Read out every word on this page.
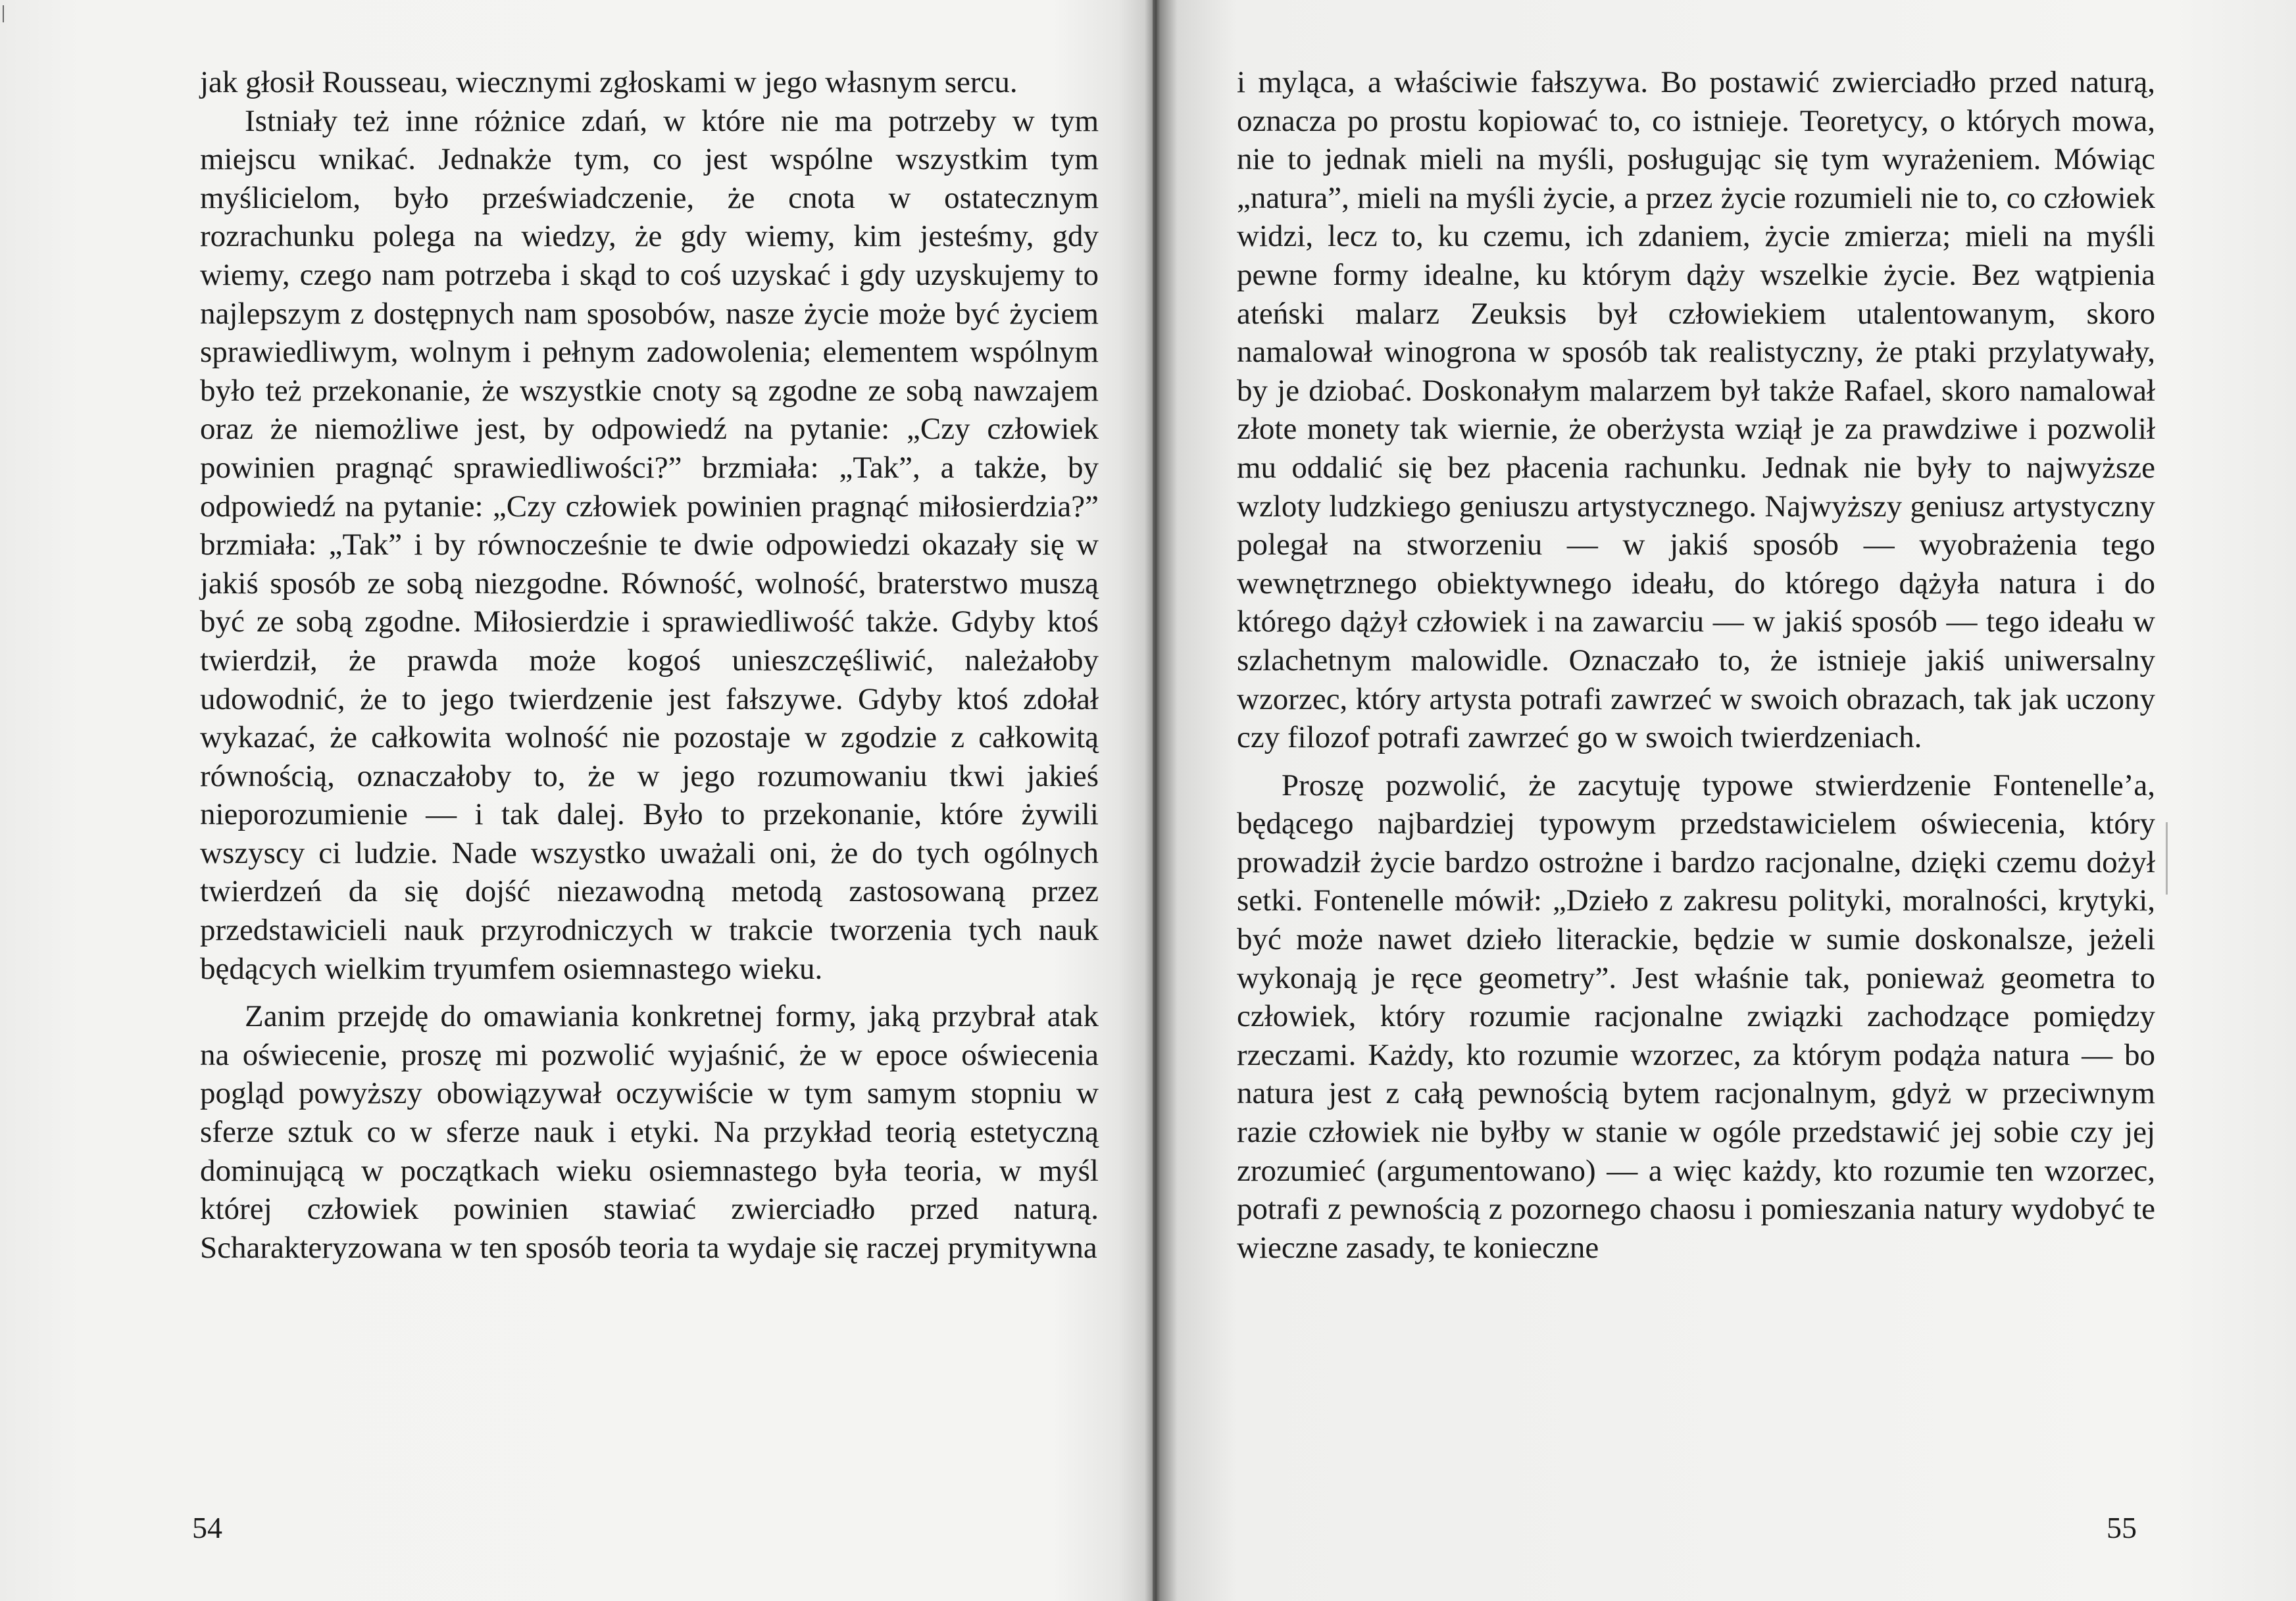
jak głosił Rousseau, wiecznymi zgłoskami w jego własnym sercu.

Istniały też inne różnice zdań, w które nie ma potrzeby w tym miejscu wnikać. Jednakże tym, co jest wspólne wszystkim tym myślicielom, było przeświadczenie, że cnota w ostatecznym rozrachunku polega na wiedzy, że gdy wiemy, kim jesteśmy, gdy wiemy, czego nam potrzeba i skąd to coś uzyskać i gdy uzyskujemy to najlepszym z dostępnych nam sposobów, nasze życie może być życiem sprawiedliwym, wolnym i pełnym zadowolenia; elementem wspólnym było też przekonanie, że wszystkie cnoty są zgodne ze sobą nawzajem oraz że niemożliwe jest, by odpowiedź na pytanie: „Czy człowiek powinien pragnąć sprawiedliwości?” brzmiała: „Tak”, a także, by odpowiedź na pytanie: „Czy człowiek powinien pragnąć miłosierdzia?” brzmiała: „Tak” i by równocześnie te dwie odpowiedzi okazały się w jakiś sposób ze sobą niezgodne. Równość, wolność, braterstwo muszą być ze sobą zgodne. Miłosierdzie i sprawiedliwość także. Gdyby ktoś twierdził, że prawda może kogoś unieszczęśliwić, należałoby udowodnić, że to jego twierdzenie jest fałszywe. Gdyby ktoś zdołał wykazać, że całkowita wolność nie pozostaje w zgodzie z całkowitą równością, oznaczałoby to, że w jego rozumowaniu tkwi jakieś nieporozumienie — i tak dalej. Było to przekonanie, które żywili wszyscy ci ludzie. Nade wszystko uważali oni, że do tych ogólnych twierdzeń da się dojść niezawodną metodą zastosowaną przez przedstawicieli nauk przyrodniczych w trakcie tworzenia tych nauk będących wielkim tryumfem osiemnastego wieku.

Zanim przejdę do omawiania konkretnej formy, jaką przybrał atak na oświecenie, proszę mi pozwolić wyjaśnić, że w epoce oświecenia pogląd powyższy obowiązywał oczywiście w tym samym stopniu w sferze sztuk co w sferze nauk i etyki. Na przykład teorią estetyczną dominującą w początkach wieku osiemnastego była teoria, w myśl której człowiek powinien stawiać zwierciadło przed naturą. Scharakteryzowana w ten sposób teoria ta wydaje się raczej prymitywna

54

i myląca, a właściwie fałszywa. Bo postawić zwierciadło przed naturą, oznacza po prostu kopiować to, co istnieje. Teoretycy, o których mowa, nie to jednak mieli na myśli, posługując się tym wyrażeniem. Mówiąc „natura”, mieli na myśli życie, a przez życie rozumieli nie to, co człowiek widzi, lecz to, ku czemu, ich zdaniem, życie zmierza; mieli na myśli pewne formy idealne, ku którym dąży wszelkie życie. Bez wątpienia ateński malarz Zeuksis był człowiekiem utalentowanym, skoro namalował winogrona w sposób tak realistyczny, że ptaki przylatywały, by je dziobać. Doskonałym malarzem był także Rafael, skoro namalował złote monety tak wiernie, że oberżysta wziął je za prawdziwe i pozwolił mu oddalić się bez płacenia rachunku. Jednak nie były to najwyższe wzloty ludzkiego geniuszu artystycznego. Najwyższy geniusz artystyczny polegał na stworzeniu — w jakiś sposób — wyobrażenia tego wewnętrznego obiektywnego ideału, do którego dążyła natura i do którego dążył człowiek i na zawarciu — w jakiś sposób — tego ideału w szlachetnym malowidle. Oznaczało to, że istnieje jakiś uniwersalny wzorzec, który artysta potrafi zawrzeć w swoich obrazach, tak jak uczony czy filozof potrafi zawrzeć go w swoich twierdzeniach.

Proszę pozwolić, że zacytuję typowe stwierdzenie Fontenelle’a, będącego najbardziej typowym przedstawicielem oświecenia, który prowadził życie bardzo ostrożne i bardzo racjonalne, dzięki czemu dożył setki. Fontenelle mówił: „Dzieło z zakresu polityki, moralności, krytyki, być może nawet dzieło literackie, będzie w sumie doskonalsze, jeżeli wykonają je ręce geometry”. Jest właśnie tak, ponieważ geometra to człowiek, który rozumie racjonalne związki zachodzące pomiędzy rzeczami. Każdy, kto rozumie wzorzec, za którym podąża natura — bo natura jest z całą pewnością bytem racjonalnym, gdyż w przeciwnym razie człowiek nie byłby w stanie w ogóle przedstawić jej sobie czy jej zrozumieć (argumentowano) — a więc każdy, kto rozumie ten wzorzec, potrafi z pewnością z pozornego chaosu i pomieszania natury wydobyć te wieczne zasady, te konieczne

55
